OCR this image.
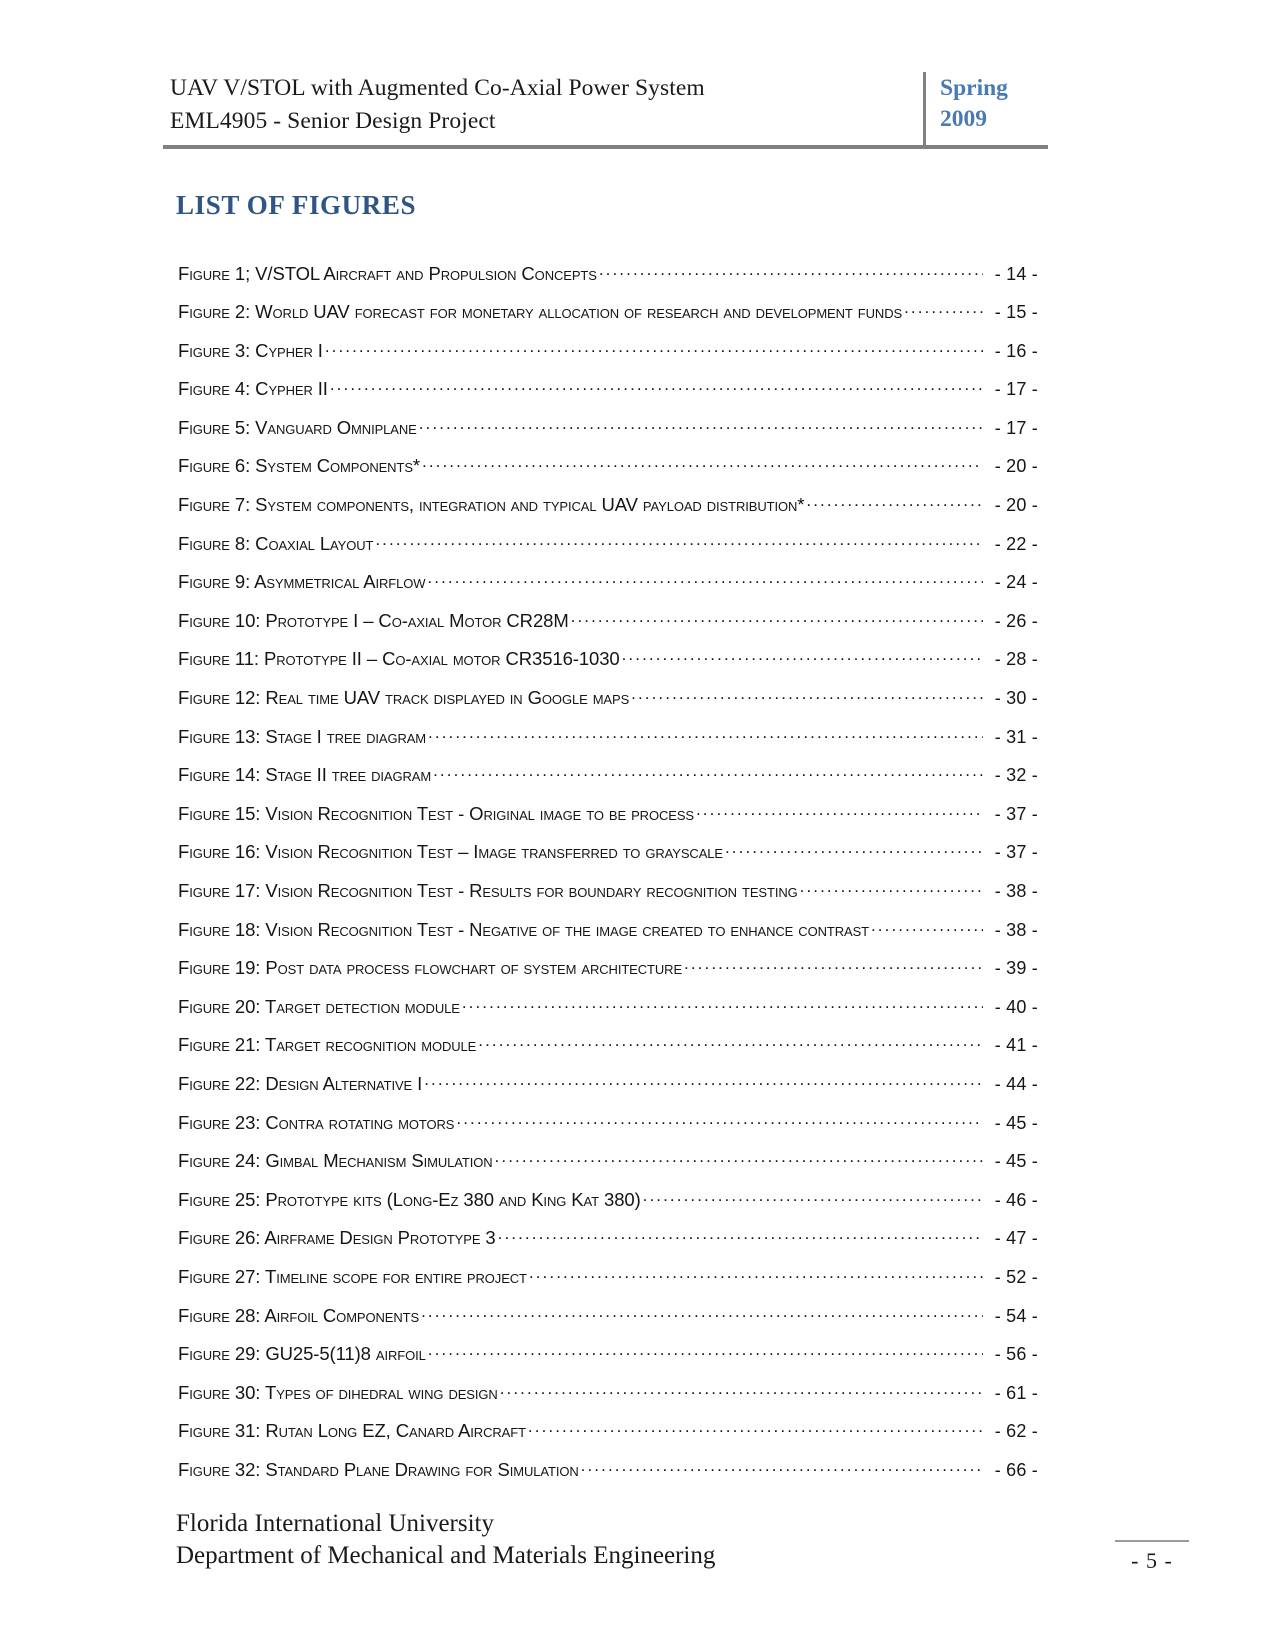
UAV V/STOL with Augmented Co-Axial Power System
EML4905 - Senior Design Project
Spring
2009
LIST OF FIGURES
Figure 1; V/STOL Aircraft and Propulsion Concepts .....	- 14 -
Figure 2: World UAV forecast for monetary allocation of research and development funds .....	- 15 -
Figure 3: Cypher I .....	- 16 -
Figure 4: Cypher II .....	- 17 -
Figure 5: Vanguard Omniplane .....	- 17 -
Figure 6: System Components* .....	- 20 -
Figure 7: System components, integration and typical UAV payload distribution* .....	- 20 -
Figure 8: Coaxial Layout .....	- 22 -
Figure 9: Asymmetrical Airflow .....	- 24 -
Figure 10: Prototype I – Co-axial Motor CR28M .....	- 26 -
Figure 11: Prototype II – Co-axial motor CR3516-1030 .....	- 28 -
Figure 12: Real time UAV track displayed in Google maps .....	- 30 -
Figure 13: Stage I tree diagram .....	- 31 -
Figure 14: Stage II tree diagram .....	- 32 -
Figure 15: Vision Recognition Test - Original image to be process .....	- 37 -
Figure 16: Vision Recognition Test – Image transferred to grayscale .....	- 37 -
Figure 17: Vision Recognition Test - Results for boundary recognition testing .....	- 38 -
Figure 18: Vision Recognition Test - Negative of the image created to enhance contrast .....	- 38 -
Figure 19: Post data process flowchart of system architecture .....	- 39 -
Figure 20: Target detection module .....	- 40 -
Figure 21: Target recognition module .....	- 41 -
Figure 22: Design Alternative I .....	- 44 -
Figure 23: Contra rotating motors .....	- 45 -
Figure 24: Gimbal Mechanism Simulation .....	- 45 -
Figure 25: Prototype kits (Long-Ez 380 and King Kat 380) .....	- 46 -
Figure 26: Airframe Design Prototype 3 .....	- 47 -
Figure 27: Timeline scope for entire project .....	- 52 -
Figure 28: Airfoil Components .....	- 54 -
Figure 29: GU25-5(11)8 airfoil .....	- 56 -
Figure 30: Types of dihedral wing design .....	- 61 -
Figure 31: Rutan Long EZ, Canard Aircraft .....	- 62 -
Figure 32: Standard Plane Drawing for Simulation .....	- 66 -
Florida International University
Department of Mechanical and Materials Engineering	- 5 -
